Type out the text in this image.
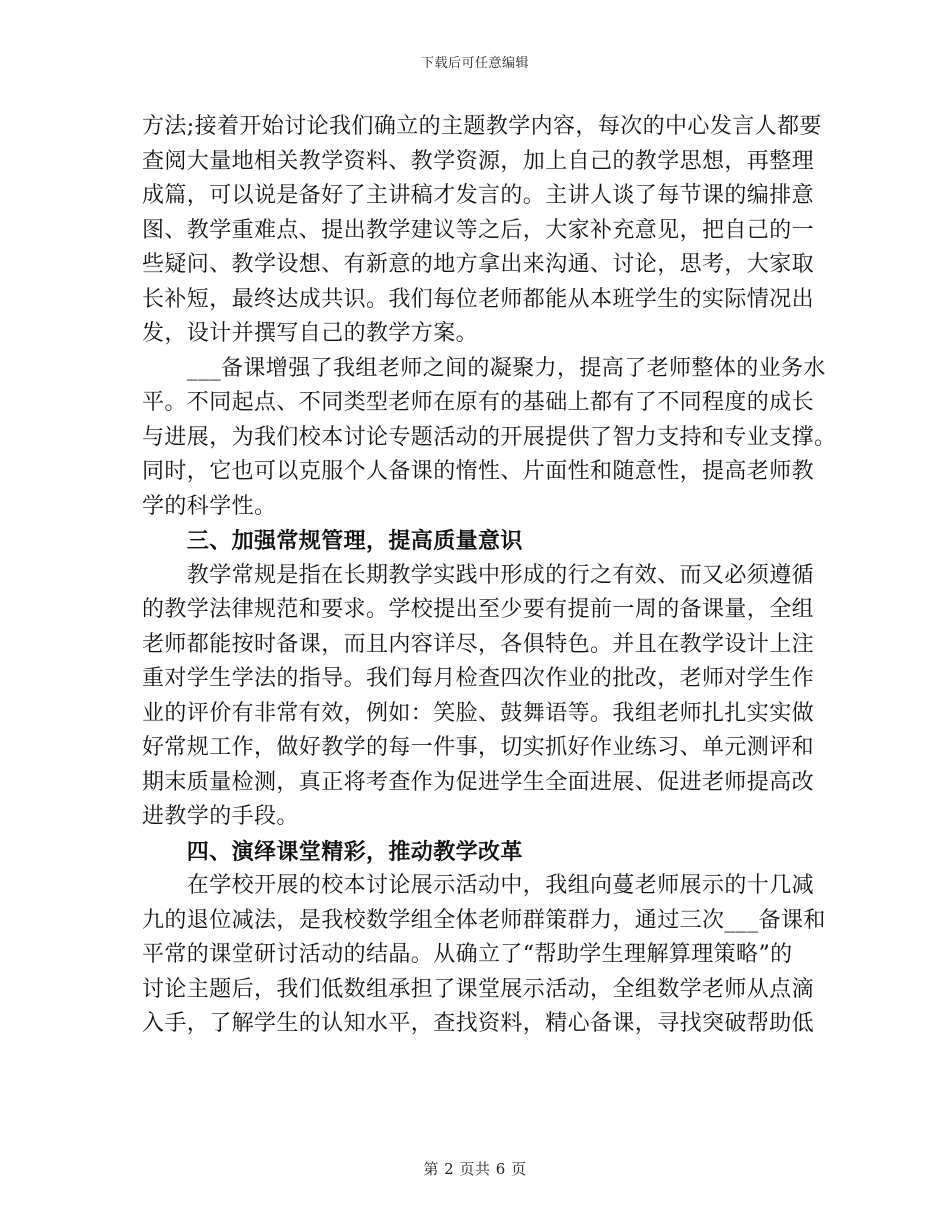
下载后可任意编辑
方法;接着开始讨论我们确立的主题教学内容，每次的中心发言人都要
查阅大量地相关教学资料、教学资源，加上自己的教学思想，再整理
成篇，可以说是备好了主讲稿才发言的。主讲人谈了每节课的编排意
图、教学重难点、提出教学建议等之后，大家补充意见，把自己的一
些疑问、教学设想、有新意的地方拿出来沟通、讨论，思考，大家取
长补短，最终达成共识。我们每位老师都能从本班学生的实际情况出
发，设计并撰写自己的教学方案。
　　___备课增强了我组老师之间的凝聚力，提高了老师整体的业务水
平。不同起点、不同类型老师在原有的基础上都有了不同程度的成长
与进展，为我们校本讨论专题活动的开展提供了智力支持和专业支撑。
同时，它也可以克服个人备课的惰性、片面性和随意性，提高老师教
学的科学性。
　　三、加强常规管理，提高质量意识
　　教学常规是指在长期教学实践中形成的行之有效、而又必须遵循
的教学法律规范和要求。学校提出至少要有提前一周的备课量，全组
老师都能按时备课，而且内容详尽，各俱特色。并且在教学设计上注
重对学生学法的指导。我们每月检查四次作业的批改，老师对学生作
业的评价有非常有效，例如：笑脸、鼓舞语等。我组老师扎扎实实做
好常规工作，做好教学的每一件事，切实抓好作业练习、单元测评和
期末质量检测，真正将考查作为促进学生全面进展、促进老师提高改
进教学的手段。
　　四、演绎课堂精彩，推动教学改革
　　在学校开展的校本讨论展示活动中，我组向蔓老师展示的十几减
九的退位减法，是我校数学组全体老师群策群力，通过三次___备课和
平常的课堂研讨活动的结晶。从确立了“帮助学生理解算理策略”的
讨论主题后，我们低数组承担了课堂展示活动，全组数学老师从点滴
入手，了解学生的认知水平，查找资料，精心备课，寻找突破帮助低
第 2 页共 6 页
